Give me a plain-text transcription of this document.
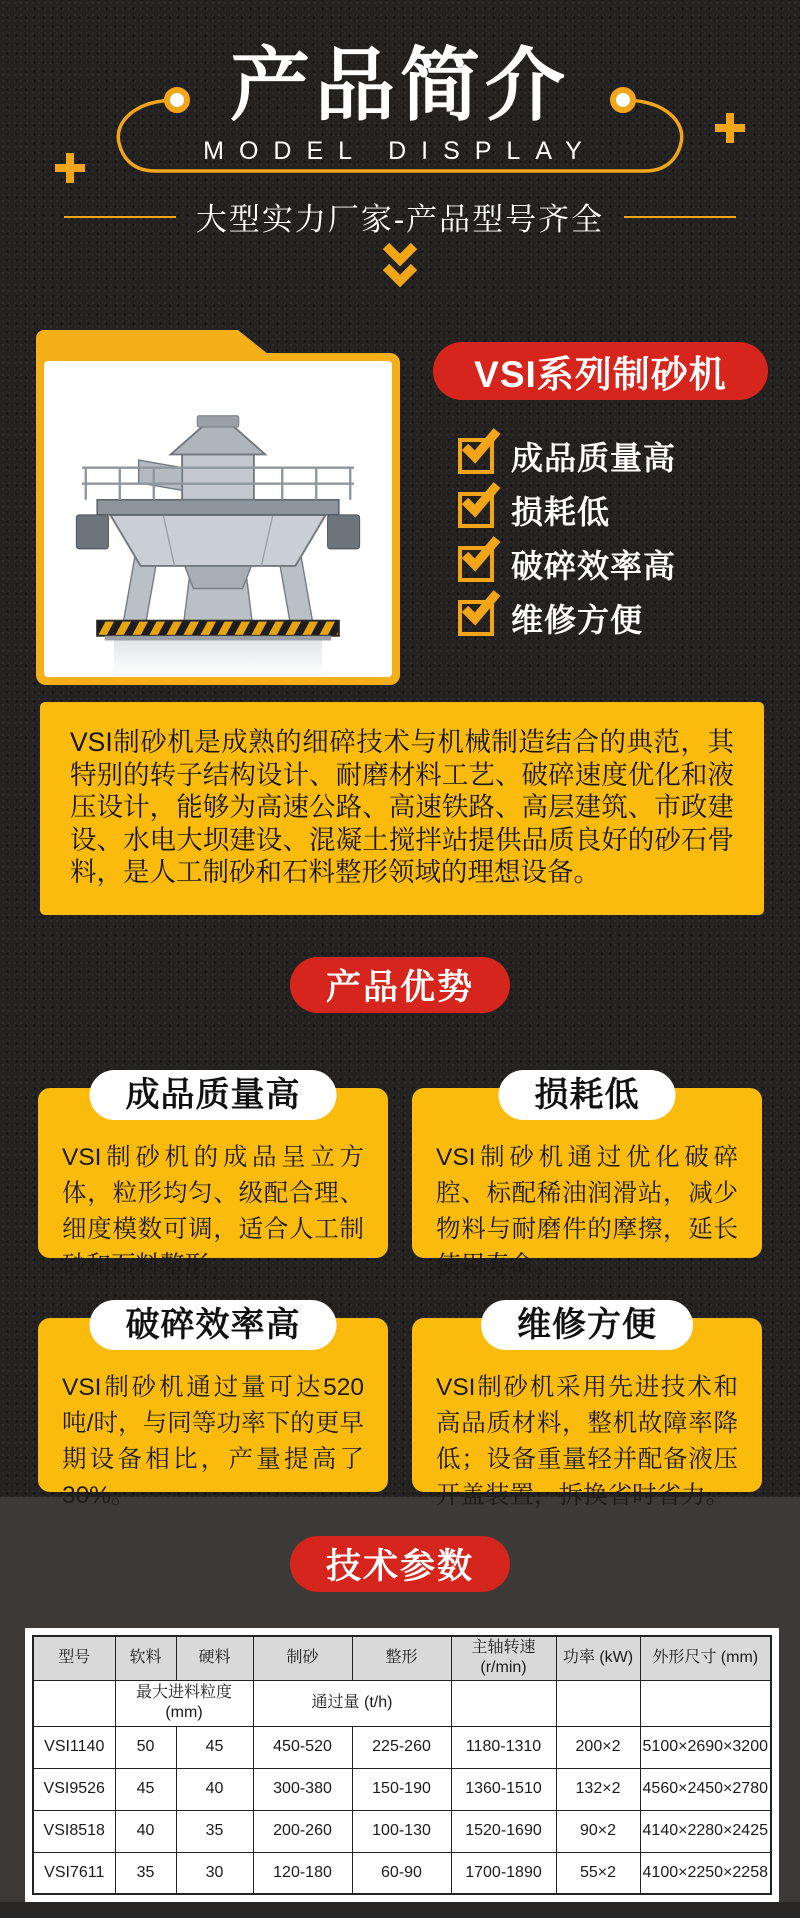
产品简介
MODEL DISPLAY
大型实力厂家-产品型号齐全
VSI系列制砂机
成品质量高
损耗低
破碎效率高
维修方便
VSI制砂机是成熟的细碎技术与机械制造结合的典范，其特别的转子结构设计、耐磨材料工艺、破碎速度优化和液压设计，能够为高速公路、高速铁路、高层建筑、市政建设、水电大坝建设、混凝土搅拌站提供品质良好的砂石骨料，是人工制砂和石料整形领域的理想设备。
产品优势
成品质量高
VSI制砂机的成品呈立方体，粒形均匀、级配合理、细度模数可调，适合人工制砂和石料整形。
损耗低
VSI制砂机通过优化破碎腔、标配稀油润滑站，减少物料与耐磨件的摩擦，延长使用寿命。
破碎效率高
VSI制砂机通过量可达520吨/时，与同等功率下的更早期设备相比，产量提高了30%。
维修方便
VSI制砂机采用先进技术和高品质材料，整机故障率降低；设备重量轻并配备液压开盖装置，拆换省时省力。
技术参数
型号	软料	硬料	制砂	整形	主轴转速 (r/min)	功率 (kW)	外形尺寸 (mm)
	最大进料粒度 (mm)		通过量 (t/h)				
VSI1140	50	45	450-520	225-260	1180-1310	200×2	5100×2690×3200
VSI9526	45	40	300-380	150-190	1360-1510	132×2	4560×2450×2780
VSI8518	40	35	200-260	100-130	1520-1690	90×2	4140×2280×2425
VSI7611	35	30	120-180	60-90	1700-1890	55×2	4100×2250×2258
